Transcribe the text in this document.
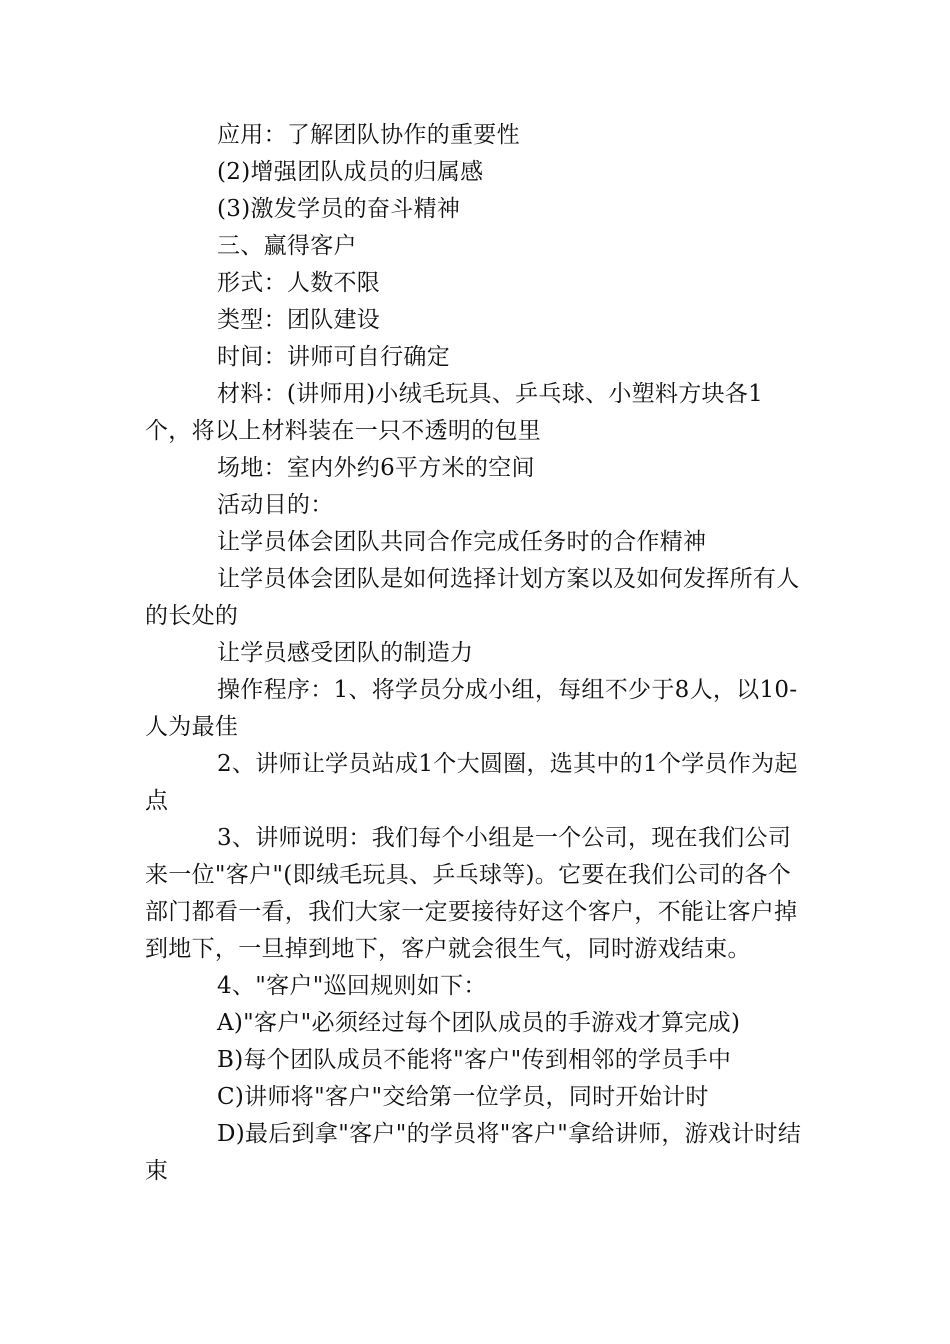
应用：了解团队协作的重要性

(2)增强团队成员的归属感

(3)激发学员的奋斗精神

三、赢得客户

形式：人数不限

类型：团队建设

时间：讲师可自行确定

材料：(讲师用)小绒毛玩具、乒乓球、小塑料方块各1个，将以上材料装在一只不透明的包里

场地：室内外约6平方米的空间

活动目的：

让学员体会团队共同合作完成任务时的合作精神

让学员体会团队是如何选择计划方案以及如何发挥所有人的长处的

让学员感受团队的制造力

操作程序：1、将学员分成小组，每组不少于8人，以10-人为最佳

2、讲师让学员站成1个大圆圈，选其中的1个学员作为起点

3、讲师说明：我们每个小组是一个公司，现在我们公司来一位"客户"(即绒毛玩具、乒乓球等)。它要在我们公司的各个部门都看一看，我们大家一定要接待好这个客户，不能让客户掉到地下，一旦掉到地下，客户就会很生气，同时游戏结束。

4、"客户"巡回规则如下：

A)"客户"必须经过每个团队成员的手游戏才算完成)

B)每个团队成员不能将"客户"传到相邻的学员手中

C)讲师将"客户"交给第一位学员，同时开始计时

D)最后到拿"客户"的学员将"客户"拿给讲师，游戏计时结束
